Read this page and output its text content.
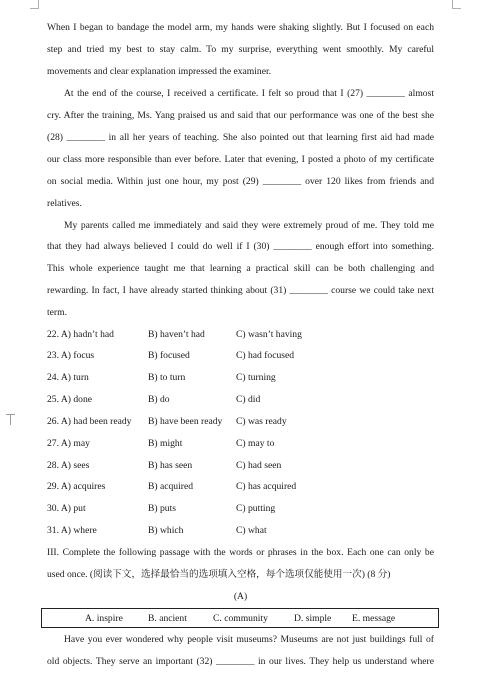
When I began to bandage the model arm, my hands were shaking slightly. But I focused on each
step and tried my best to stay calm. To my surprise, everything went smoothly. My careful
movements and clear explanation impressed the examiner.
At the end of the course, I received a certificate. I felt so proud that I (27) ________ almost
cry. After the training, Ms. Yang praised us and said that our performance was one of the best she
(28) ________ in all her years of teaching. She also pointed out that learning first aid had made
our class more responsible than ever before. Later that evening, I posted a photo of my certificate
on social media. Within just one hour, my post (29) ________ over 120 likes from friends and
relatives.
My parents called me immediately and said they were extremely proud of me. They told me
that they had always believed I could do well if I (30) ________ enough effort into something.
This whole experience taught me that learning a practical skill can be both challenging and
rewarding. In fact, I have already started thinking about (31) ________ course we could take next
term.
22. A) hadn’t had	B) haven’t had	C) wasn’t having
23. A) focus	B) focused	C) had focused
24. A) turn	B) to turn	C) turning
25. A) done	B) do	C) did
26. A) had been ready B) have been ready C) was ready
27. A) may	B) might	C) may to
28. A) sees	B) has seen	C) had seen
29. A) acquires	B) acquired	C) has acquired
30. A) put	B) puts	C) putting
31. A) where	B) which	C) what
III. Complete the following passage with the words or phrases in the box. Each one can only be
used once. (阅读下文，选择最恰当的选项填入空格，每个选项仅能使用一次) (8 分)
(A)
A. inspire	B. ancient	C. community	D. simple E. message
Have you ever wondered why people visit museums? Museums are not just buildings full of
old objects. They serve an important (32) ________ in our lives. They help us understand where
